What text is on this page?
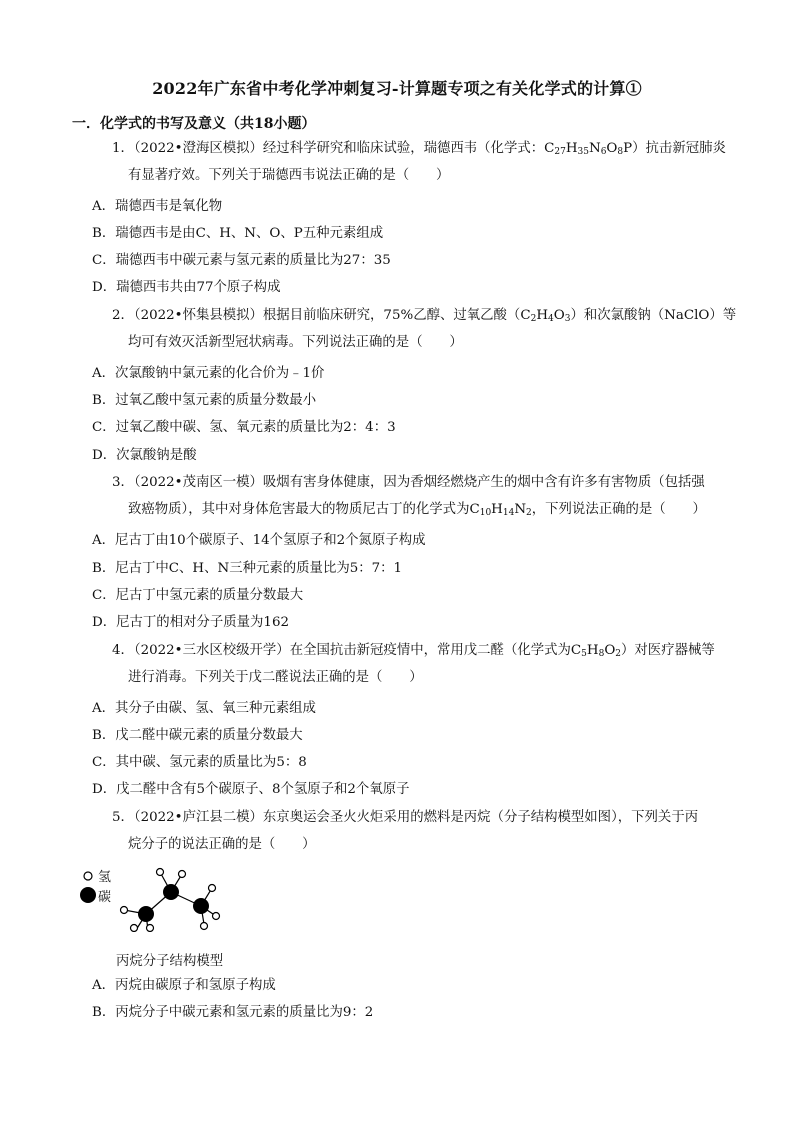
2022年广东省中考化学冲刺复习-计算题专项之有关化学式的计算①
一．化学式的书写及意义（共18小题）
1．（2022•澄海区模拟）经过科学研究和临床试验，瑞德西韦（化学式：$C_{27}H_{35}N_6O_8P$）抗击新冠肺炎
有显著疗效。下列关于瑞德西韦说法正确的是（　　）
A．瑞德西韦是氧化物
B．瑞德西韦是由C、H、N、O、P五种元素组成
C．瑞德西韦中碳元素与氢元素的质量比为27：35
D．瑞德西韦共由77个原子构成
2．（2022•怀集县模拟）根据目前临床研究，75%乙醇、过氧乙酸$(C_2H_4O_3)$和次氯酸钠（NaClO）等
均可有效灭活新型冠状病毒。下列说法正确的是（　　）
A．次氯酸钠中氯元素的化合价为﹣1价
B．过氧乙酸中氢元素的质量分数最小
C．过氧乙酸中碳、氢、氧元素的质量比为2：4：3
D．次氯酸钠是酸
3．（2022•茂南区一模）吸烟有害身体健康，因为香烟经燃烧产生的烟中含有许多有害物质（包括强
致癌物质），其中对身体危害最大的物质尼古丁的化学式为$C_{10}H_{14}N_2$，下列说法正确的是（　　）
A．尼古丁由10个碳原子、14个氢原子和2个氮原子构成
B．尼古丁中C、H、N三种元素的质量比为5：7：1
C．尼古丁中氢元素的质量分数最大
D．尼古丁的相对分子质量为162
4．（2022•三水区校级开学）在全国抗击新冠疫情中，常用戊二醛（化学式为$C_5H_8O_2$）对医疗器械等
进行消毒。下列关于戊二醛说法正确的是（　　）
A．其分子由碳、氢、氧三种元素组成
B．戊二醛中碳元素的质量分数最大
C．其中碳、氢元素的质量比为5：8
D．戊二醛中含有5个碳原子、8个氢原子和2个氧原子
5．（2022•庐江县二模）东京奥运会圣火火炬采用的燃料是丙烷（分子结构模型如图），下列关于丙
烷分子的说法正确的是（　　）
氢
碳
丙烷分子结构模型
A．丙烷由碳原子和氢原子构成
B．丙烷分子中碳元素和氢元素的质量比为9：2
